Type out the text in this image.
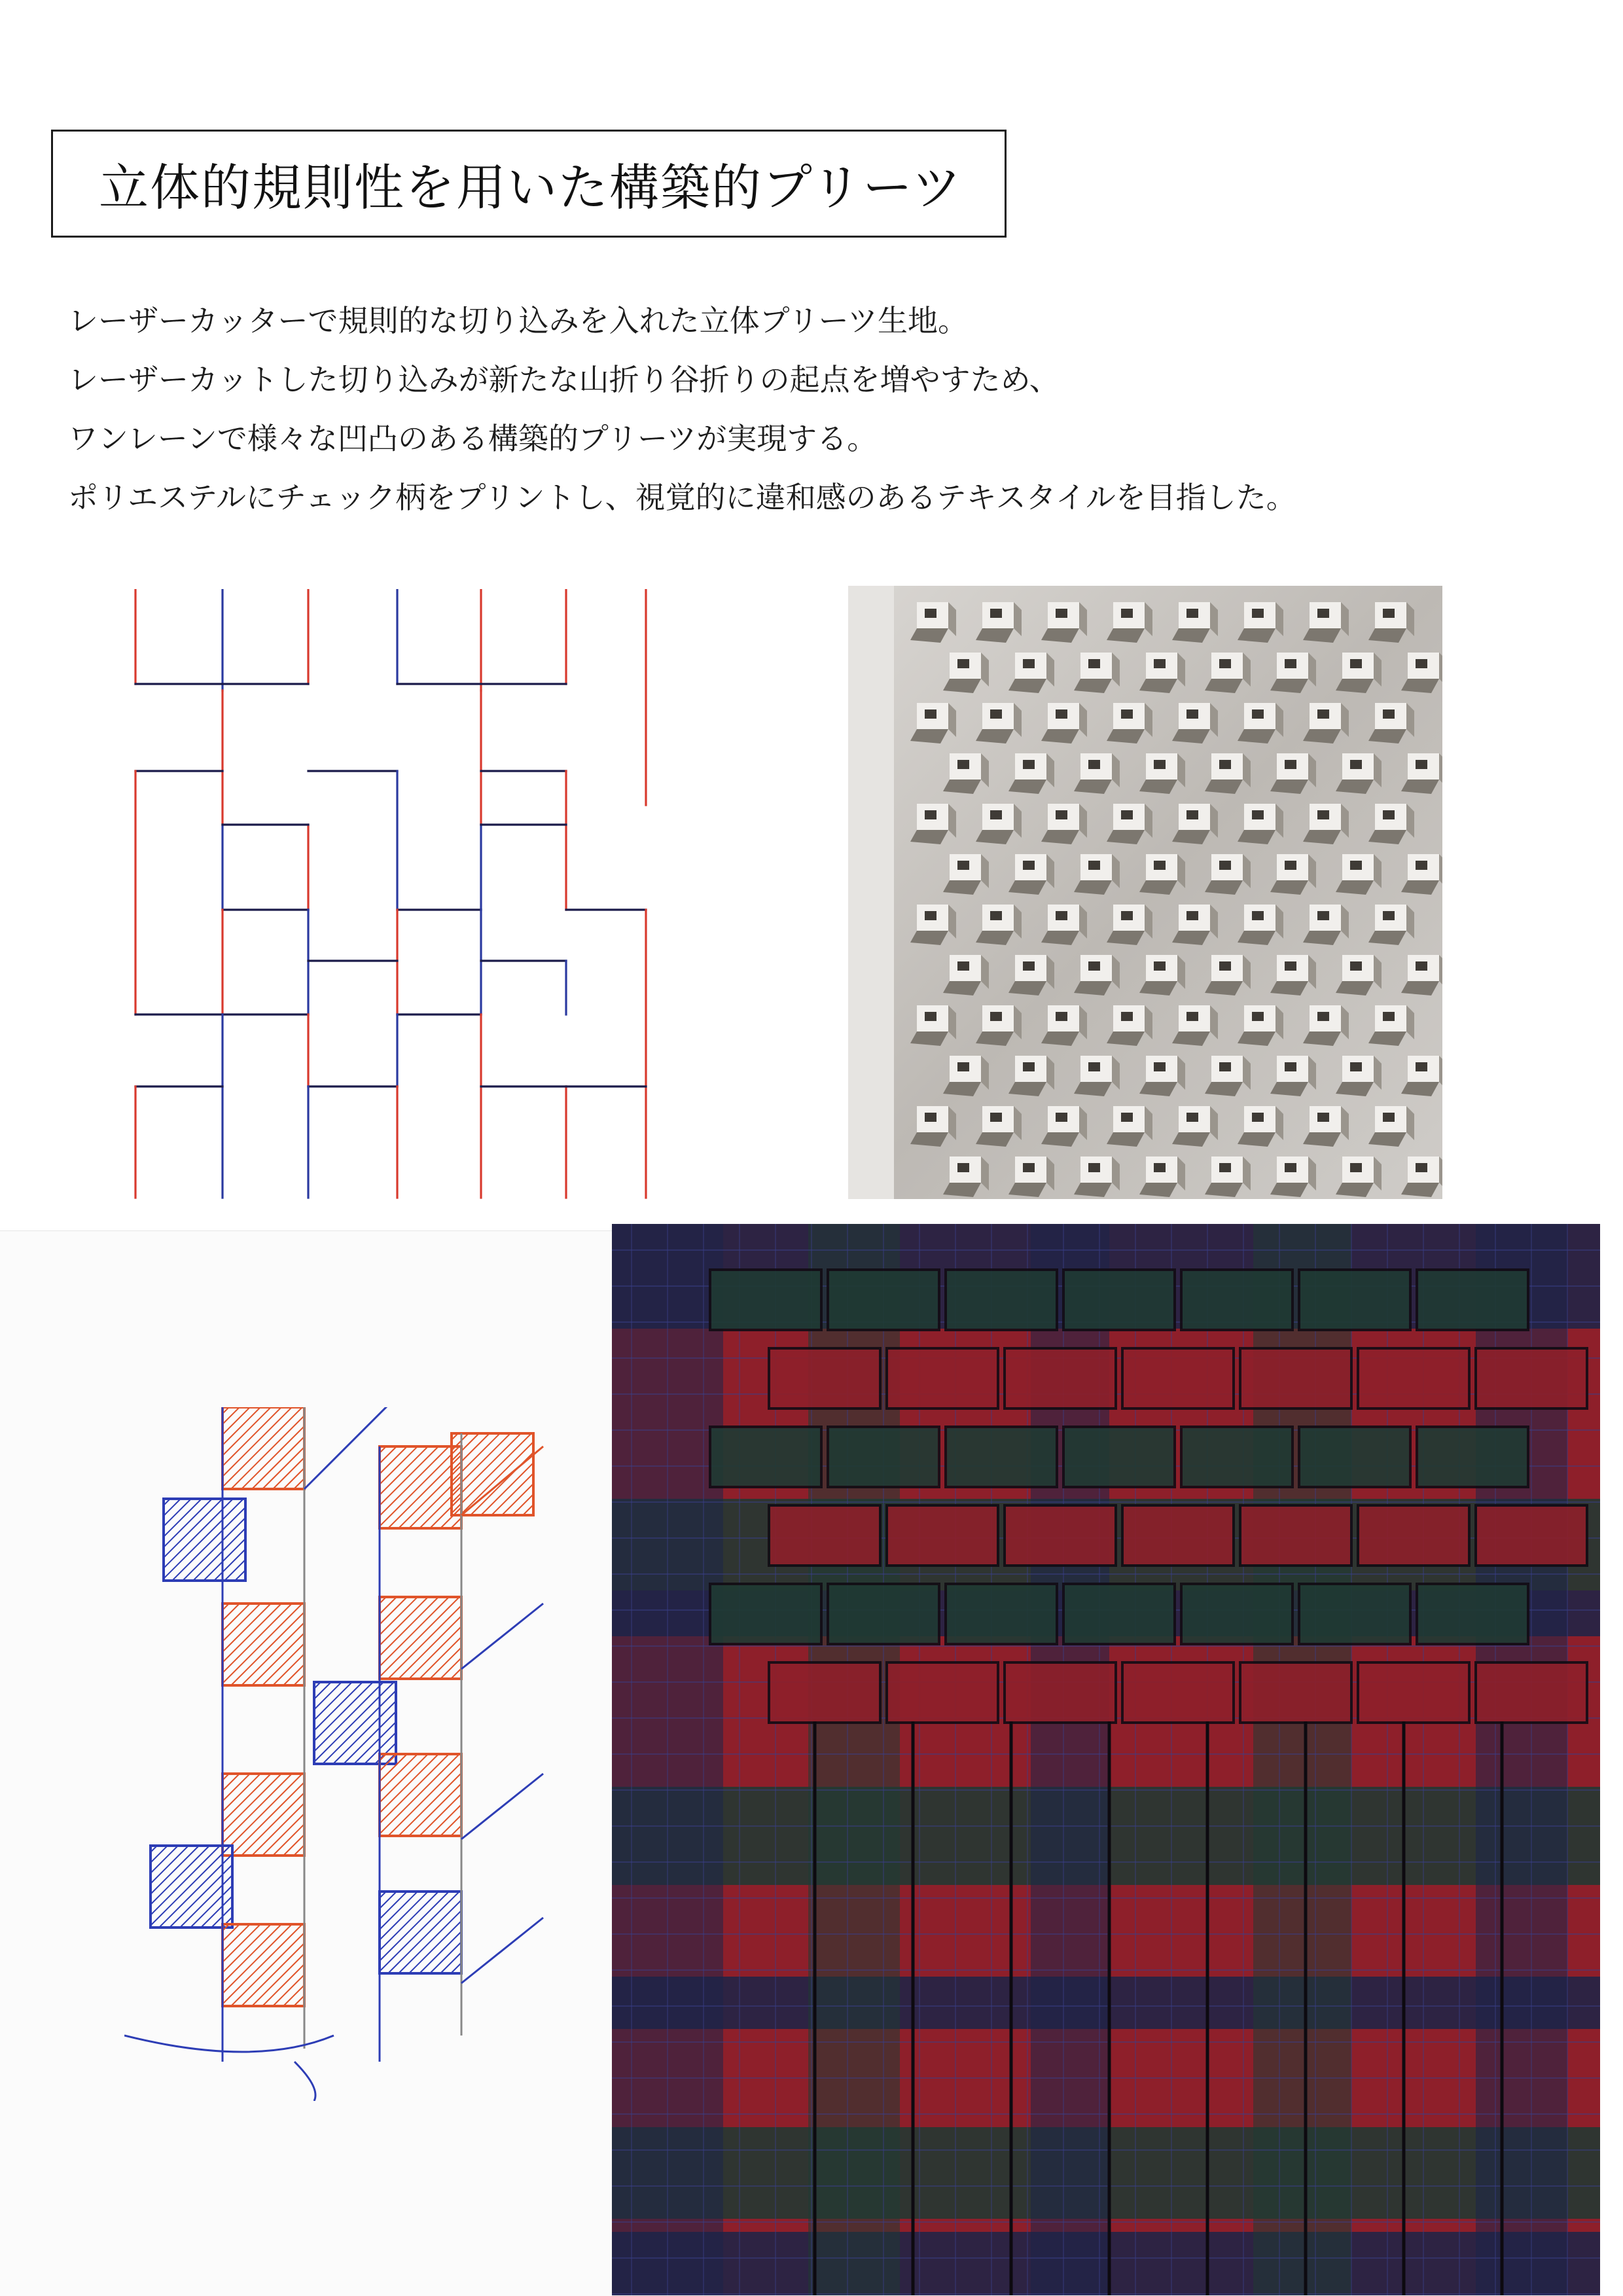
立体的規則性を用いた構築的プリーツ
レーザーカッターで規則的な切り込みを入れた立体プリーツ生地。
レーザーカットした切り込みが新たな山折り谷折りの起点を増やすため、
ワンレーンで様々な凹凸のある構築的プリーツが実現する。
ポリエステルにチェック柄をプリントし、視覚的に違和感のあるテキスタイルを目指した。
